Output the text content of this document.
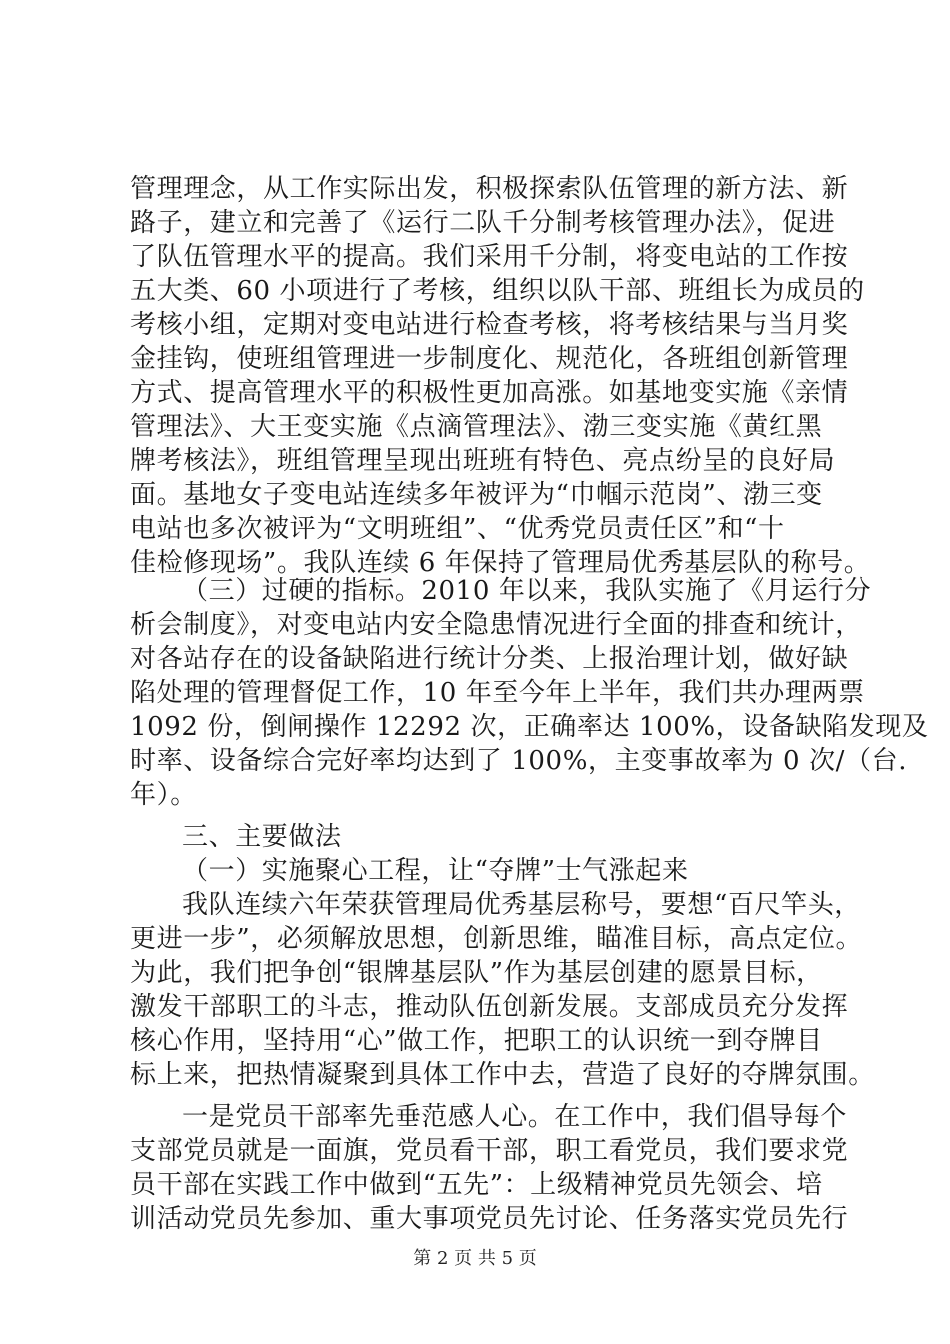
管理理念，从工作实际出发，积极探索队伍管理的新方法、新
路子，建立和完善了《运行二队千分制考核管理办法》，促进
了队伍管理水平的提高。我们采用千分制，将变电站的工作按
五大类、60 小项进行了考核，组织以队干部、班组长为成员的
考核小组，定期对变电站进行检查考核，将考核结果与当月奖
金挂钩，使班组管理进一步制度化、规范化，各班组创新管理
方式、提高管理水平的积极性更加高涨。如基地变实施《亲情
管理法》、大王变实施《点滴管理法》、渤三变实施《黄红黑
牌考核法》，班组管理呈现出班班有特色、亮点纷呈的良好局
面。基地女子变电站连续多年被评为“巾帼示范岗”、渤三变
电站也多次被评为“文明班组”、“优秀党员责任区”和“十
佳检修现场”。我队连续 6 年保持了管理局优秀基层队的称号。
（三）过硬的指标。2010 年以来，我队实施了《月运行分
析会制度》，对变电站内安全隐患情况进行全面的排查和统计，
对各站存在的设备缺陷进行统计分类、上报治理计划，做好缺
陷处理的管理督促工作，10 年至今年上半年，我们共办理两票
1092 份，倒闸操作 12292 次，正确率达 100%，设备缺陷发现及
时率、设备综合完好率均达到了 100%，主变事故率为 0 次/（台.
年）。
三、主要做法
（一）实施聚心工程，让“夺牌”士气涨起来
我队连续六年荣获管理局优秀基层称号，要想“百尺竿头，
更进一步”，必须解放思想，创新思维，瞄准目标，高点定位。
为此，我们把争创“银牌基层队”作为基层创建的愿景目标，
激发干部职工的斗志，推动队伍创新发展。支部成员充分发挥
核心作用，坚持用“心”做工作，把职工的认识统一到夺牌目
标上来，把热情凝聚到具体工作中去，营造了良好的夺牌氛围。
第 2 页 共 5 页
一是党员干部率先垂范感人心。在工作中，我们倡导每个
支部党员就是一面旗，党员看干部，职工看党员，我们要求党
员干部在实践工作中做到“五先”：上级精神党员先领会、培
训活动党员先参加、重大事项党员先讨论、任务落实党员先行
